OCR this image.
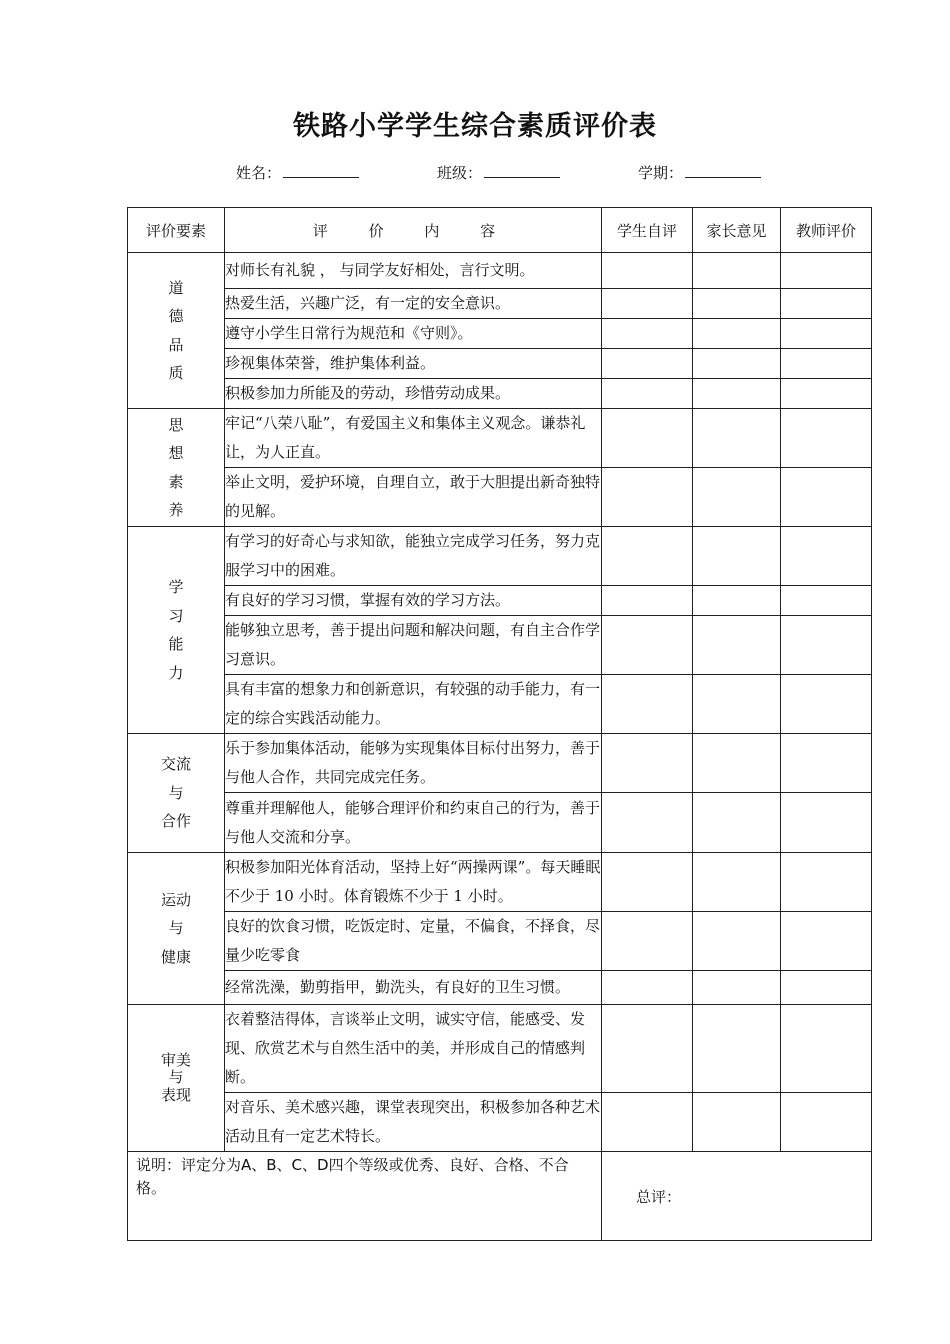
铁路小学学生综合素质评价表
姓名：	班级：	学期：
评价要素	评 价 内 容	学生自评	家长意见	教师评价

道
德
品
质	对师长有礼貌 ， 与同学友好相处，言行文明。			
	热爱生活，兴趣广泛，有一定的安全意识。			
	遵守小学生日常行为规范和《守则》。			
	珍视集体荣誉，维护集体利益。			
	积极参加力所能及的劳动，珍惜劳动成果。			

思
想
素
养	牢记“八荣八耻”，有爱国主义和集体主义观念。谦恭礼让，为人正直。			
	举止文明，爱护环境，自理自立，敢于大胆提出新奇独特的见解。			

学
习
能
力	有学习的好奇心与求知欲，能独立完成学习任务，努力克服学习中的困难。			
	有良好的学习习惯，掌握有效的学习方法。			
	能够独立思考，善于提出问题和解决问题，有自主合作学习意识。			
	具有丰富的想象力和创新意识，有较强的动手能力，有一定的综合实践活动能力。			

交流
与
合作	乐于参加集体活动，能够为实现集体目标付出努力，善于与他人合作，共同完成完任务。			
	尊重并理解他人，能够合理评价和约束自己的行为，善于与他人交流和分享。			

运动
与
健康	积极参加阳光体育活动，坚持上好“两操两课”。每天睡眠不少于 10 小时。体育锻炼不少于 1 小时。			
	良好的饮食习惯，吃饭定时、定量，不偏食，不择食，尽量少吃零食			
	经常洗澡，勤剪指甲，勤洗头，有良好的卫生习惯。			

审美
与
表现	衣着整洁得体，言谈举止文明，诚实守信，能感受、发现、欣赏艺术与自然生活中的美，并形成自己的情感判断。			
	对音乐、美术感兴趣，课堂表现突出，积极参加各种艺术活动且有一定艺术特长。			
说明：评定分为A、B、C、D四个等级或优秀、良好、合格、不合格。		总评：		
